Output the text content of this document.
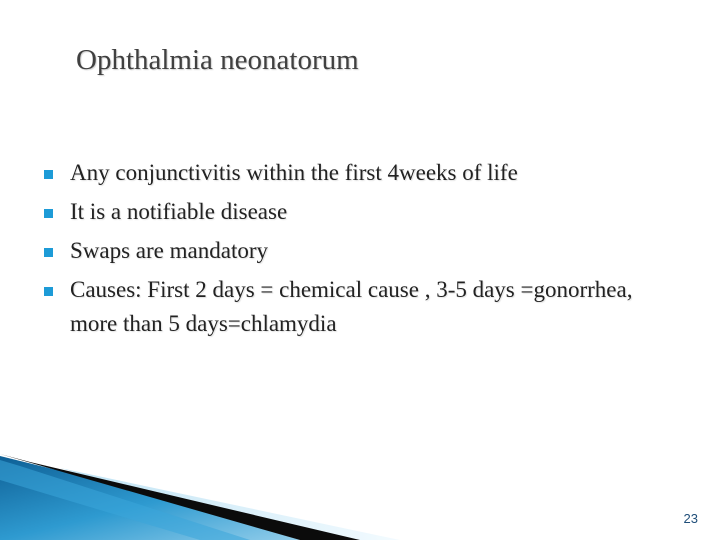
Ophthalmia neonatorum
Any conjunctivitis within the first 4weeks of life
It is a notifiable disease
Swaps are mandatory
Causes: First 2 days = chemical cause , 3-5 days =gonorrhea, more than 5 days=chlamydia
23
